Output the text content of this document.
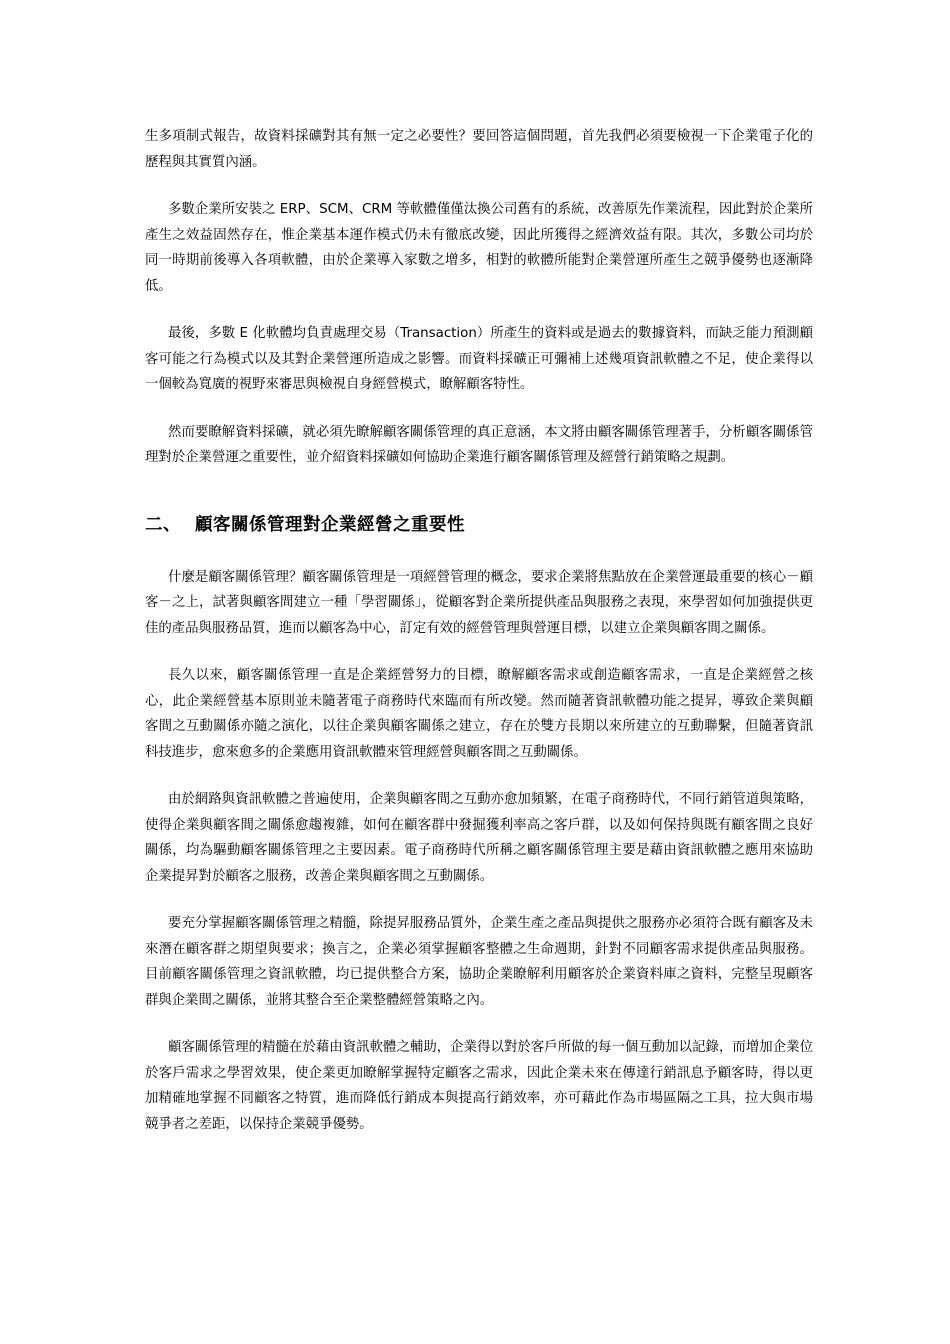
生多項制式報告，故資料採礦對其有無一定之必要性？要回答這個問題，首先我們必須要檢視一下企業電子化的歷程與其實質內涵。

多數企業所安裝之 ERP、SCM、CRM 等軟體僅僅汰換公司舊有的系統，改善原先作業流程，因此對於企業所產生之效益固然存在，惟企業基本運作模式仍未有徹底改變，因此所獲得之經濟效益有限。其次，多數公司均於同一時期前後導入各項軟體，由於企業導入家數之增多，相對的軟體所能對企業營運所產生之競爭優勢也逐漸降低。

最後，多數 E 化軟體均負責處理交易（Transaction）所產生的資料或是過去的數據資料，而缺乏能力預測顧客可能之行為模式以及其對企業營運所造成之影響。而資料採礦正可彌補上述幾項資訊軟體之不足，使企業得以一個較為寬廣的視野來審思與檢視自身經營模式，瞭解顧客特性。

然而要瞭解資料採礦，就必須先瞭解顧客關係管理的真正意涵，本文將由顧客關係管理著手，分析顧客關係管理對於企業營運之重要性，並介紹資料採礦如何協助企業進行顧客關係管理及經營行銷策略之規劃。

二、 顧客關係管理對企業經營之重要性

什麼是顧客關係管理？顧客關係管理是一項經營管理的概念，要求企業將焦點放在企業營運最重要的核心－顧客－之上，試著與顧客間建立一種「學習關係」，從顧客對企業所提供產品與服務之表現，來學習如何加強提供更佳的產品與服務品質，進而以顧客為中心，訂定有效的經營管理與營運目標，以建立企業與顧客間之關係。

長久以來，顧客關係管理一直是企業經營努力的目標，瞭解顧客需求或創造顧客需求，一直是企業經營之核心，此企業經營基本原則並未隨著電子商務時代來臨而有所改變。然而隨著資訊軟體功能之提昇，導致企業與顧客間之互動關係亦隨之演化，以往企業與顧客關係之建立，存在於雙方長期以來所建立的互動聯繫，但隨著資訊科技進步，愈來愈多的企業應用資訊軟體來管理經營與顧客間之互動關係。

由於網路與資訊軟體之普遍使用，企業與顧客間之互動亦愈加頻繁，在電子商務時代，不同行銷管道與策略，使得企業與顧客間之關係愈趨複雜，如何在顧客群中發掘獲利率高之客戶群，以及如何保持與既有顧客間之良好關係，均為驅動顧客關係管理之主要因素。電子商務時代所稱之顧客關係管理主要是藉由資訊軟體之應用來協助企業提昇對於顧客之服務，改善企業與顧客間之互動關係。

要充分掌握顧客關係管理之精髓，除提昇服務品質外，企業生產之產品與提供之服務亦必須符合既有顧客及未來潛在顧客群之期望與要求；換言之，企業必須掌握顧客整體之生命週期，針對不同顧客需求提供產品與服務。目前顧客關係管理之資訊軟體，均已提供整合方案，協助企業瞭解利用顧客於企業資料庫之資料，完整呈現顧客群與企業間之關係，並將其整合至企業整體經營策略之內。

顧客關係管理的精髓在於藉由資訊軟體之輔助，企業得以對於客戶所做的每一個互動加以記錄，而增加企業位於客戶需求之學習效果，使企業更加瞭解掌握特定顧客之需求，因此企業未來在傳達行銷訊息予顧客時，得以更加精確地掌握不同顧客之特質，進而降低行銷成本與提高行銷效率，亦可藉此作為市場區隔之工具，拉大與市場競爭者之差距，以保持企業競爭優勢。
